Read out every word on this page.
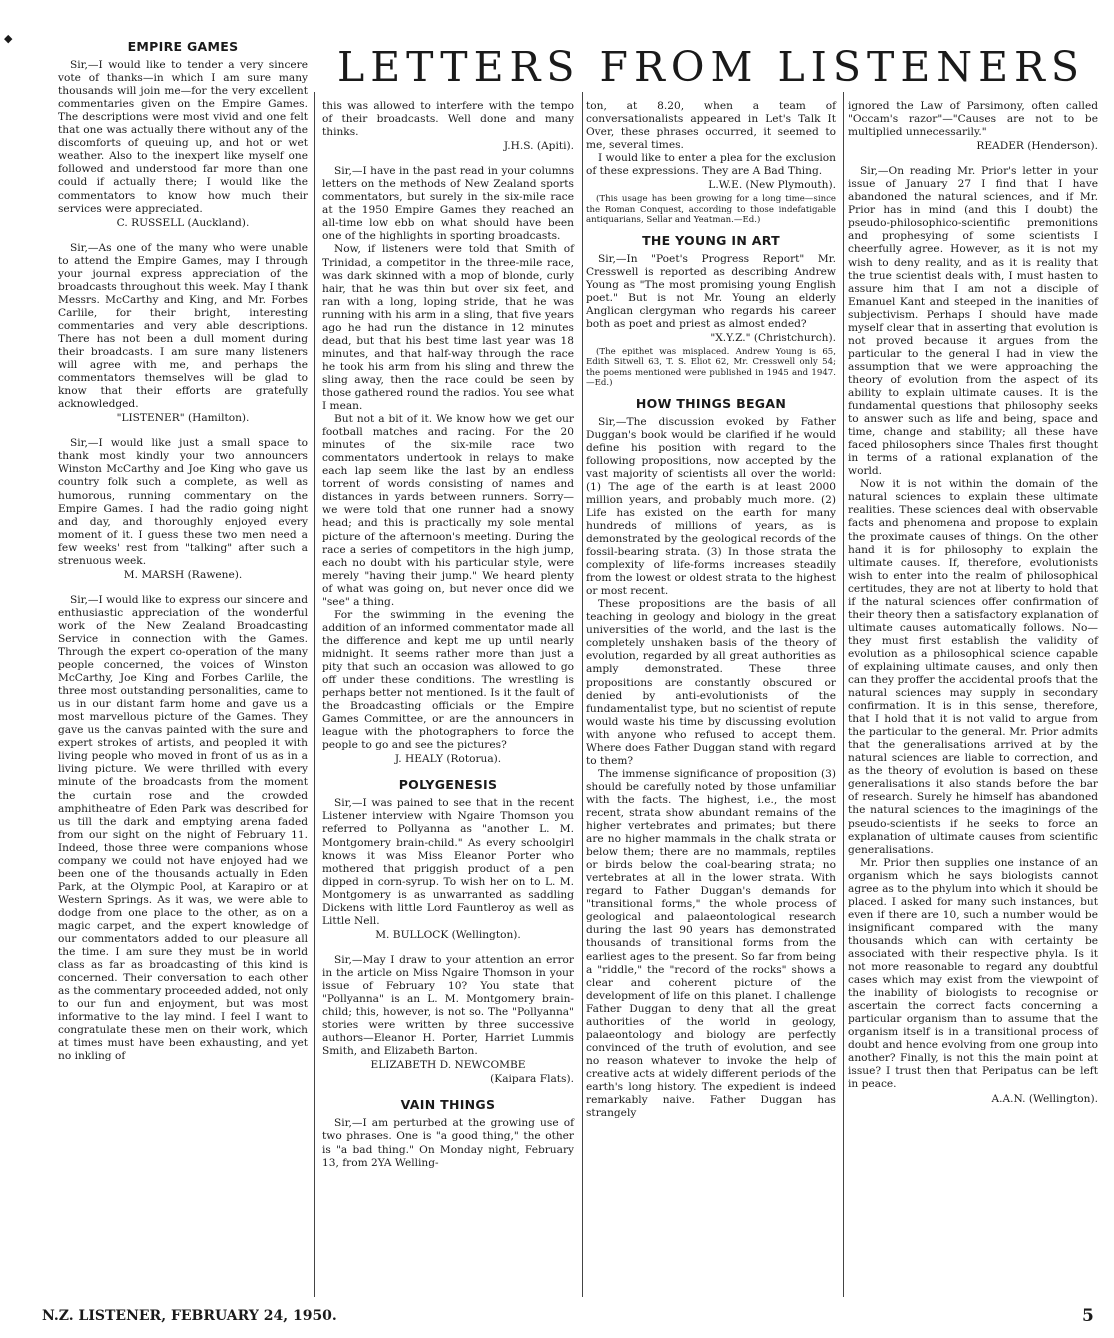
◆
LETTERS FROM LISTENERS
EMPIRE GAMES

Sir,—I would like to tender a very sincere vote of thanks—in which I am sure many thousands will join me—for the very excellent commentaries given on the Empire Games. The descriptions were most vivid and one felt that one was actually there without any of the discomforts of queuing up, and hot or wet weather. Also to the inexpert like myself one followed and understood far more than one could if actually there; I would like the commentators to know how much their services were appreciated.

C. RUSSELL (Auckland).

Sir,—As one of the many who were unable to attend the Empire Games, may I through your journal express appreciation of the broadcasts throughout this week. May I thank Messrs. McCarthy and King, and Mr. Forbes Carlile, for their bright, interesting commentaries and very able descriptions. There has not been a dull moment during their broadcasts. I am sure many listeners will agree with me, and perhaps the commentators themselves will be glad to know that their efforts are gratefully acknowledged.

"LISTENER" (Hamilton).

Sir,—I would like just a small space to thank most kindly your two announcers Winston McCarthy and Joe King who gave us country folk such a complete, as well as humorous, running commentary on the Empire Games. I had the radio going night and day, and thoroughly enjoyed every moment of it. I guess these two men need a few weeks' rest from "talking" after such a strenuous week.

M. MARSH (Rawene).

Sir,—I would like to express our sincere and enthusiastic appreciation of the wonderful work of the New Zealand Broadcasting Service in connection with the Games. Through the expert co-operation of the many people concerned, the voices of Winston McCarthy, Joe King and Forbes Carlile, the three most outstanding personalities, came to us in our distant farm home and gave us a most marvellous picture of the Games. They gave us the canvas painted with the sure and expert strokes of artists, and peopled it with living people who moved in front of us as in a living picture. We were thrilled with every minute of the broadcasts from the moment the curtain rose and the crowded amphitheatre of Eden Park was described for us till the dark and emptying arena faded from our sight on the night of February 11. Indeed, those three were companions whose company we could not have enjoyed had we been one of the thousands actually in Eden Park, at the Olympic Pool, at Karapiro or at Western Springs. As it was, we were able to dodge from one place to the other, as on a magic carpet, and the expert knowledge of our commentators added to our pleasure all the time. I am sure they must be in world class as far as broadcasting of this kind is concerned. Their conversation to each other as the commentary proceeded added, not only to our fun and enjoyment, but was most informative to the lay mind. I feel I want to congratulate these men on their work, which at times must have been exhausting, and yet no inkling of

this was allowed to interfere with the tempo of their broadcasts. Well done and many thinks.

J.H.S. (Apiti).

Sir,—I have in the past read in your columns letters on the methods of New Zealand sports commentators, but surely in the six-mile race at the 1950 Empire Games they reached an all-time low ebb on what should have been one of the highlights in sporting broadcasts.

Now, if listeners were told that Smith of Trinidad, a competitor in the three-mile race, was dark skinned with a mop of blonde, curly hair, that he was thin but over six feet, and ran with a long, loping stride, that he was running with his arm in a sling, that five years ago he had run the distance in 12 minutes dead, but that his best time last year was 18 minutes, and that half-way through the race he took his arm from his sling and threw the sling away, then the race could be seen by those gathered round the radios. You see what I mean.

But not a bit of it. We know how we get our football matches and racing. For the 20 minutes of the six-mile race two commentators undertook in relays to make each lap seem like the last by an endless torrent of words consisting of names and distances in yards between runners. Sorry—we were told that one runner had a snowy head; and this is practically my sole mental picture of the afternoon's meeting. During the race a series of competitors in the high jump, each no doubt with his particular style, were merely "having their jump." We heard plenty of what was going on, but never once did we "see" a thing.

For the swimming in the evening the addition of an informed commentator made all the difference and kept me up until nearly midnight. It seems rather more than just a pity that such an occasion was allowed to go off under these conditions. The wrestling is perhaps better not mentioned. Is it the fault of the Broadcasting officials or the Empire Games Committee, or are the announcers in league with the photographers to force the people to go and see the pictures?

J. HEALY (Rotorua).

POLYGENESIS

Sir,—I was pained to see that in the recent Listener interview with Ngaire Thomson you referred to Pollyanna as "another L. M. Montgomery brain-child." As every schoolgirl knows it was Miss Eleanor Porter who mothered that priggish product of a pen dipped in corn-syrup. To wish her on to L. M. Montgomery is as unwarranted as saddling Dickens with little Lord Fauntleroy as well as Little Nell.

M. BULLOCK (Wellington).

Sir,—May I draw to your attention an error in the article on Miss Ngaire Thomson in your issue of February 10? You state that "Pollyanna" is an L. M. Montgomery brain-child; this, however, is not so. The "Pollyanna" stories were written by three successive authors—Eleanor H. Porter, Harriet Lummis Smith, and Elizabeth Barton.

ELIZABETH D. NEWCOMBE

(Kaipara Flats).

VAIN THINGS

Sir,—I am perturbed at the growing use of two phrases. One is "a good thing," the other is "a bad thing." On Monday night, February 13, from 2YA Welling-

ton, at 8.20, when a team of conversationalists appeared in Let's Talk It Over, these phrases occurred, it seemed to me, several times.

I would like to enter a plea for the exclusion of these expressions. They are A Bad Thing.

L.W.E. (New Plymouth).

(This usage has been growing for a long time—since the Roman Conquest, according to those indefatigable antiquarians, Sellar and Yeatman.—Ed.)

THE YOUNG IN ART

Sir,—In "Poet's Progress Report" Mr. Cresswell is reported as describing Andrew Young as "The most promising young English poet." But is not Mr. Young an elderly Anglican clergyman who regards his career both as poet and priest as almost ended?

"X.Y.Z." (Christchurch).

(The epithet was misplaced. Andrew Young is 65, Edith Sitwell 63, T. S. Eliot 62, Mr. Cresswell only 54; the poems mentioned were published in 1945 and 1947.—Ed.)

HOW THINGS BEGAN

Sir,—The discussion evoked by Father Duggan's book would be clarified if he would define his position with regard to the following propositions, now accepted by the vast majority of scientists all over the world: (1) The age of the earth is at least 2000 million years, and probably much more. (2) Life has existed on the earth for many hundreds of millions of years, as is demonstrated by the geological records of the fossil-bearing strata. (3) In those strata the complexity of life-forms increases steadily from the lowest or oldest strata to the highest or most recent.

These propositions are the basis of all teaching in geology and biology in the great universities of the world, and the last is the completely unshaken basis of the theory of evolution, regarded by all great authorities as amply demonstrated. These three propositions are constantly obscured or denied by anti-evolutionists of the fundamentalist type, but no scientist of repute would waste his time by discussing evolution with anyone who refused to accept them. Where does Father Duggan stand with regard to them?

The immense significance of proposition (3) should be carefully noted by those unfamiliar with the facts. The highest, i.e., the most recent, strata show abundant remains of the higher vertebrates and primates; but there are no higher mammals in the chalk strata or below them; there are no mammals, reptiles or birds below the coal-bearing strata; no vertebrates at all in the lower strata. With regard to Father Duggan's demands for "transitional forms," the whole process of geological and palaeontological research during the last 90 years has demonstrated thousands of transitional forms from the earliest ages to the present. So far from being a "riddle," the "record of the rocks" shows a clear and coherent picture of the development of life on this planet. I challenge Father Duggan to deny that all the great authorities of the world in geology, palaeontology and biology are perfectly convinced of the truth of evolution, and see no reason whatever to invoke the help of creative acts at widely different periods of the earth's long history. The expedient is indeed remarkably naive. Father Duggan has strangely

ignored the Law of Parsimony, often called "Occam's razor"—"Causes are not to be multiplied unnecessarily."

READER (Henderson).

Sir,—On reading Mr. Prior's letter in your issue of January 27 I find that I have abandoned the natural sciences, and if Mr. Prior has in mind (and this I doubt) the pseudo-philosophico-scientific premonitions and prophesying of some scientists I cheerfully agree. However, as it is not my wish to deny reality, and as it is reality that the true scientist deals with, I must hasten to assure him that I am not a disciple of Emanuel Kant and steeped in the inanities of subjectivism. Perhaps I should have made myself clear that in asserting that evolution is not proved because it argues from the particular to the general I had in view the assumption that we were approaching the theory of evolution from the aspect of its ability to explain ultimate causes. It is the fundamental questions that philosophy seeks to answer such as life and being, space and time, change and stability; all these have faced philosophers since Thales first thought in terms of a rational explanation of the world.

Now it is not within the domain of the natural sciences to explain these ultimate realities. These sciences deal with observable facts and phenomena and propose to explain the proximate causes of things. On the other hand it is for philosophy to explain the ultimate causes. If, therefore, evolutionists wish to enter into the realm of philosophical certitudes, they are not at liberty to hold that if the natural sciences offer confirmation of their theory then a satisfactory explanation of ultimate causes automatically follows. No—they must first establish the validity of evolution as a philosophical science capable of explaining ultimate causes, and only then can they proffer the accidental proofs that the natural sciences may supply in secondary confirmation. It is in this sense, therefore, that I hold that it is not valid to argue from the particular to the general. Mr. Prior admits that the generalisations arrived at by the natural sciences are liable to correction, and as the theory of evolution is based on these generalisations it also stands before the bar of research. Surely he himself has abandoned the natural sciences to the imaginings of the pseudo-scientists if he seeks to force an explanation of ultimate causes from scientific generalisations.

Mr. Prior then supplies one instance of an organism which he says biologists cannot agree as to the phylum into which it should be placed. I asked for many such instances, but even if there are 10, such a number would be insignificant compared with the many thousands which can with certainty be associated with their respective phyla. Is it not more reasonable to regard any doubtful cases which may exist from the viewpoint of the inability of biologists to recognise or ascertain the correct facts concerning a particular organism than to assume that the organism itself is in a transitional process of doubt and hence evolving from one group into another? Finally, is not this the main point at issue? I trust then that Peripatus can be left in peace.

A.A.N. (Wellington).

N.Z. LISTENER, FEBRUARY 24, 1950.	5
